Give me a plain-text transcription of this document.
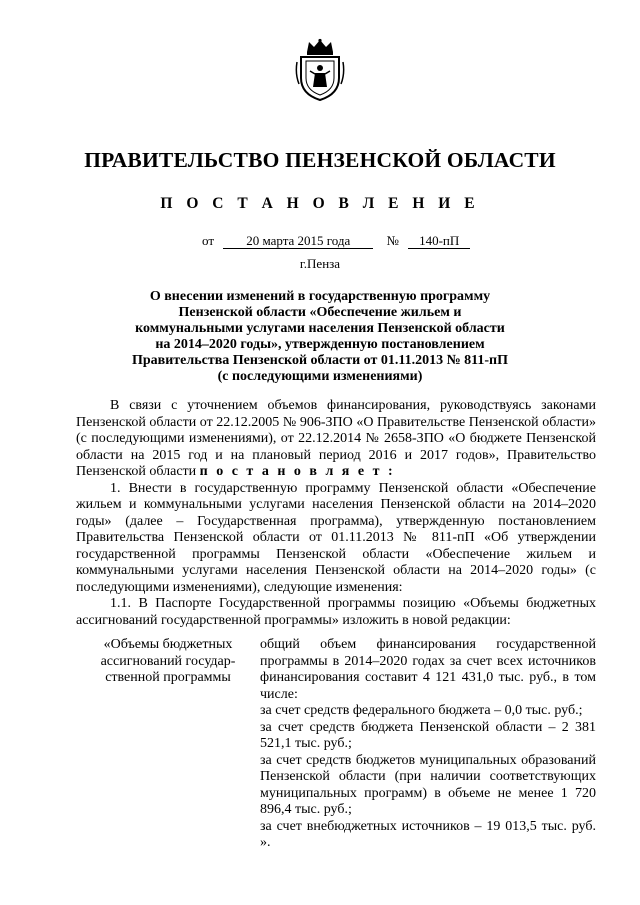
ПРАВИТЕЛЬСТВО ПЕНЗЕНСКОЙ ОБЛАСТИ
П О С Т А Н О В Л Е Н И Е
от 20 марта 2015 года	№ 140-пП
г.Пенза
О внесении изменений в государственную программу
Пензенской области «Обеспечение жильем и
коммунальными услугами населения Пензенской области
на 2014–2020 годы», утвержденную постановлением
Правительства Пензенской области от 01.11.2013 № 811-пП
(с последующими изменениями)

В связи с уточнением объемов финансирования, руководствуясь законами Пензенской области от 22.12.2005 № 906-ЗПО «О Правительстве Пензенской области» (с последующими изменениями), от 22.12.2014 № 2658-ЗПО «О бюджете Пензенской области на 2015 год и на плановый период 2016 и 2017 годов», Правительство Пензенской области п о с т а н о в л я е т :

1. Внести в государственную программу Пензенской области «Обеспечение жильем и коммунальными услугами населения Пензенской области на 2014–2020 годы» (далее – Государственная программа), утвержденную постановлением Правительства Пензенской области от 01.11.2013 № 811-пП «Об утверждении государственной программы Пензенской области «Обеспечение жильем и коммунальными услугами населения Пензенской области на 2014–2020 годы» (с последующими изменениями), следующие изменения:

1.1. В Паспорте Государственной программы позицию «Объемы бюджетных ассигнований государственной программы» изложить в новой редакции:

«Объемы бюджетных
ассигнований государ-
ственной программы

общий объем финансирования государственной программы в 2014–2020 годах за счет всех источников финансирования составит 4 121 431,0 тыс. руб., в том числе:

за счет средств федерального бюджета – 0,0 тыс. руб.;

за счет средств бюджета Пензенской области – 2 381 521,1 тыс. руб.;

за счет средств бюджетов муниципальных образований Пензенской области (при наличии соответствующих муниципальных программ) в объеме не менее 1 720 896,4 тыс. руб.;

за счет внебюджетных источников – 19 013,5 тыс. руб. ».
